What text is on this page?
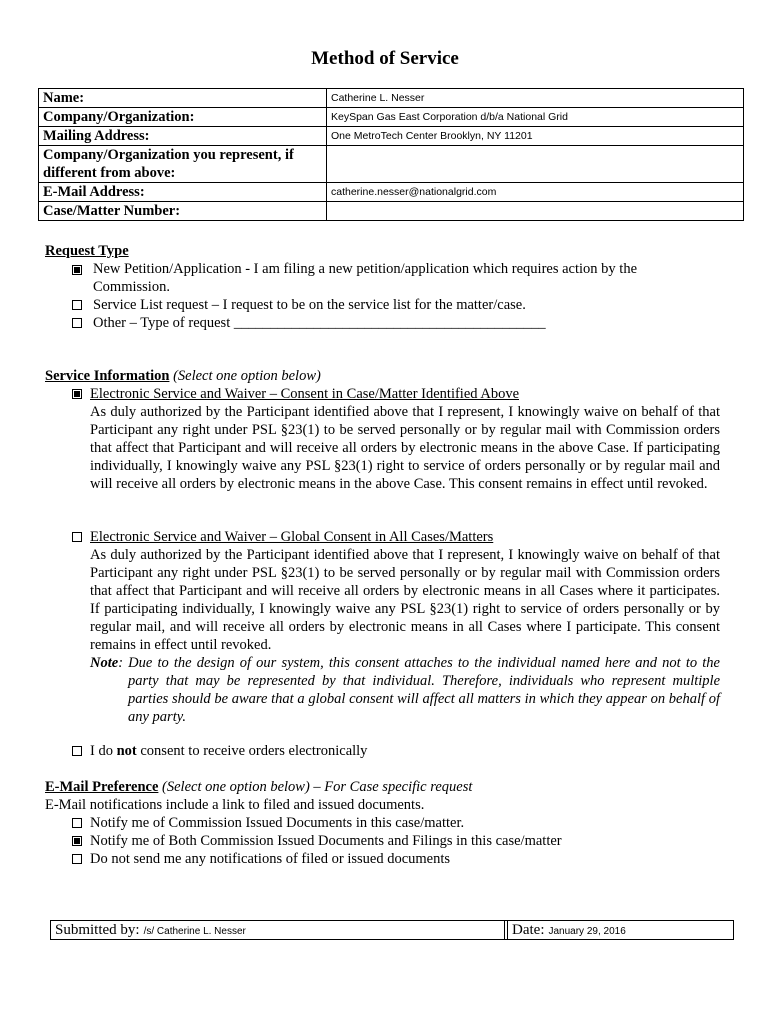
Method of Service
Name:	Catherine L. Nesser
Company/Organization:	KeySpan Gas East Corporation d/b/a National Grid
Mailing Address:	One MetroTech Center Brooklyn, NY 11201
Company/Organization you represent, if different from above:	
E-Mail Address:	catherine.nesser@nationalgrid.com
Case/Matter Number:	
Request Type
New Petition/Application - I am filing a new petition/application which requires action by the
Commission.
Service List request – I request to be on the service list for the matter/case.
Other – Type of request ___________________________________________
Service Information (Select one option below)
Electronic Service and Waiver – Consent in Case/Matter Identified Above
As duly authorized by the Participant identified above that I represent, I knowingly waive on behalf of that Participant any right under PSL §23(1) to be served personally or by regular mail with Commission orders that affect that Participant and will receive all orders by electronic means in the above Case. If participating individually, I knowingly waive any PSL §23(1) right to service of orders personally or by regular mail and will receive all orders by electronic means in the above Case. This consent remains in effect until revoked.
Electronic Service and Waiver – Global Consent in All Cases/Matters
As duly authorized by the Participant identified above that I represent, I knowingly waive on behalf of that Participant any right under PSL §23(1) to be served personally or by regular mail with Commission orders that affect that Participant and will receive all orders by electronic means in all Cases where it participates. If participating individually, I knowingly waive any PSL §23(1) right to service of orders personally or by regular mail, and will receive all orders by electronic means in all Cases where I participate. This consent remains in effect until revoked.
Note: Due to the design of our system, this consent attaches to the individual named here and not to the party that may be represented by that individual. Therefore, individuals who represent multiple parties should be aware that a global consent will affect all matters in which they appear on behalf of any party.
I do not consent to receive orders electronically
E-Mail Preference (Select one option below) – For Case specific request
E-Mail notifications include a link to filed and issued documents.
Notify me of Commission Issued Documents in this case/matter.
Notify me of Both Commission Issued Documents and Filings in this case/matter
Do not send me any notifications of filed or issued documents
Submitted by: /s/ Catherine L. Nesser	Date: January 29, 2016
